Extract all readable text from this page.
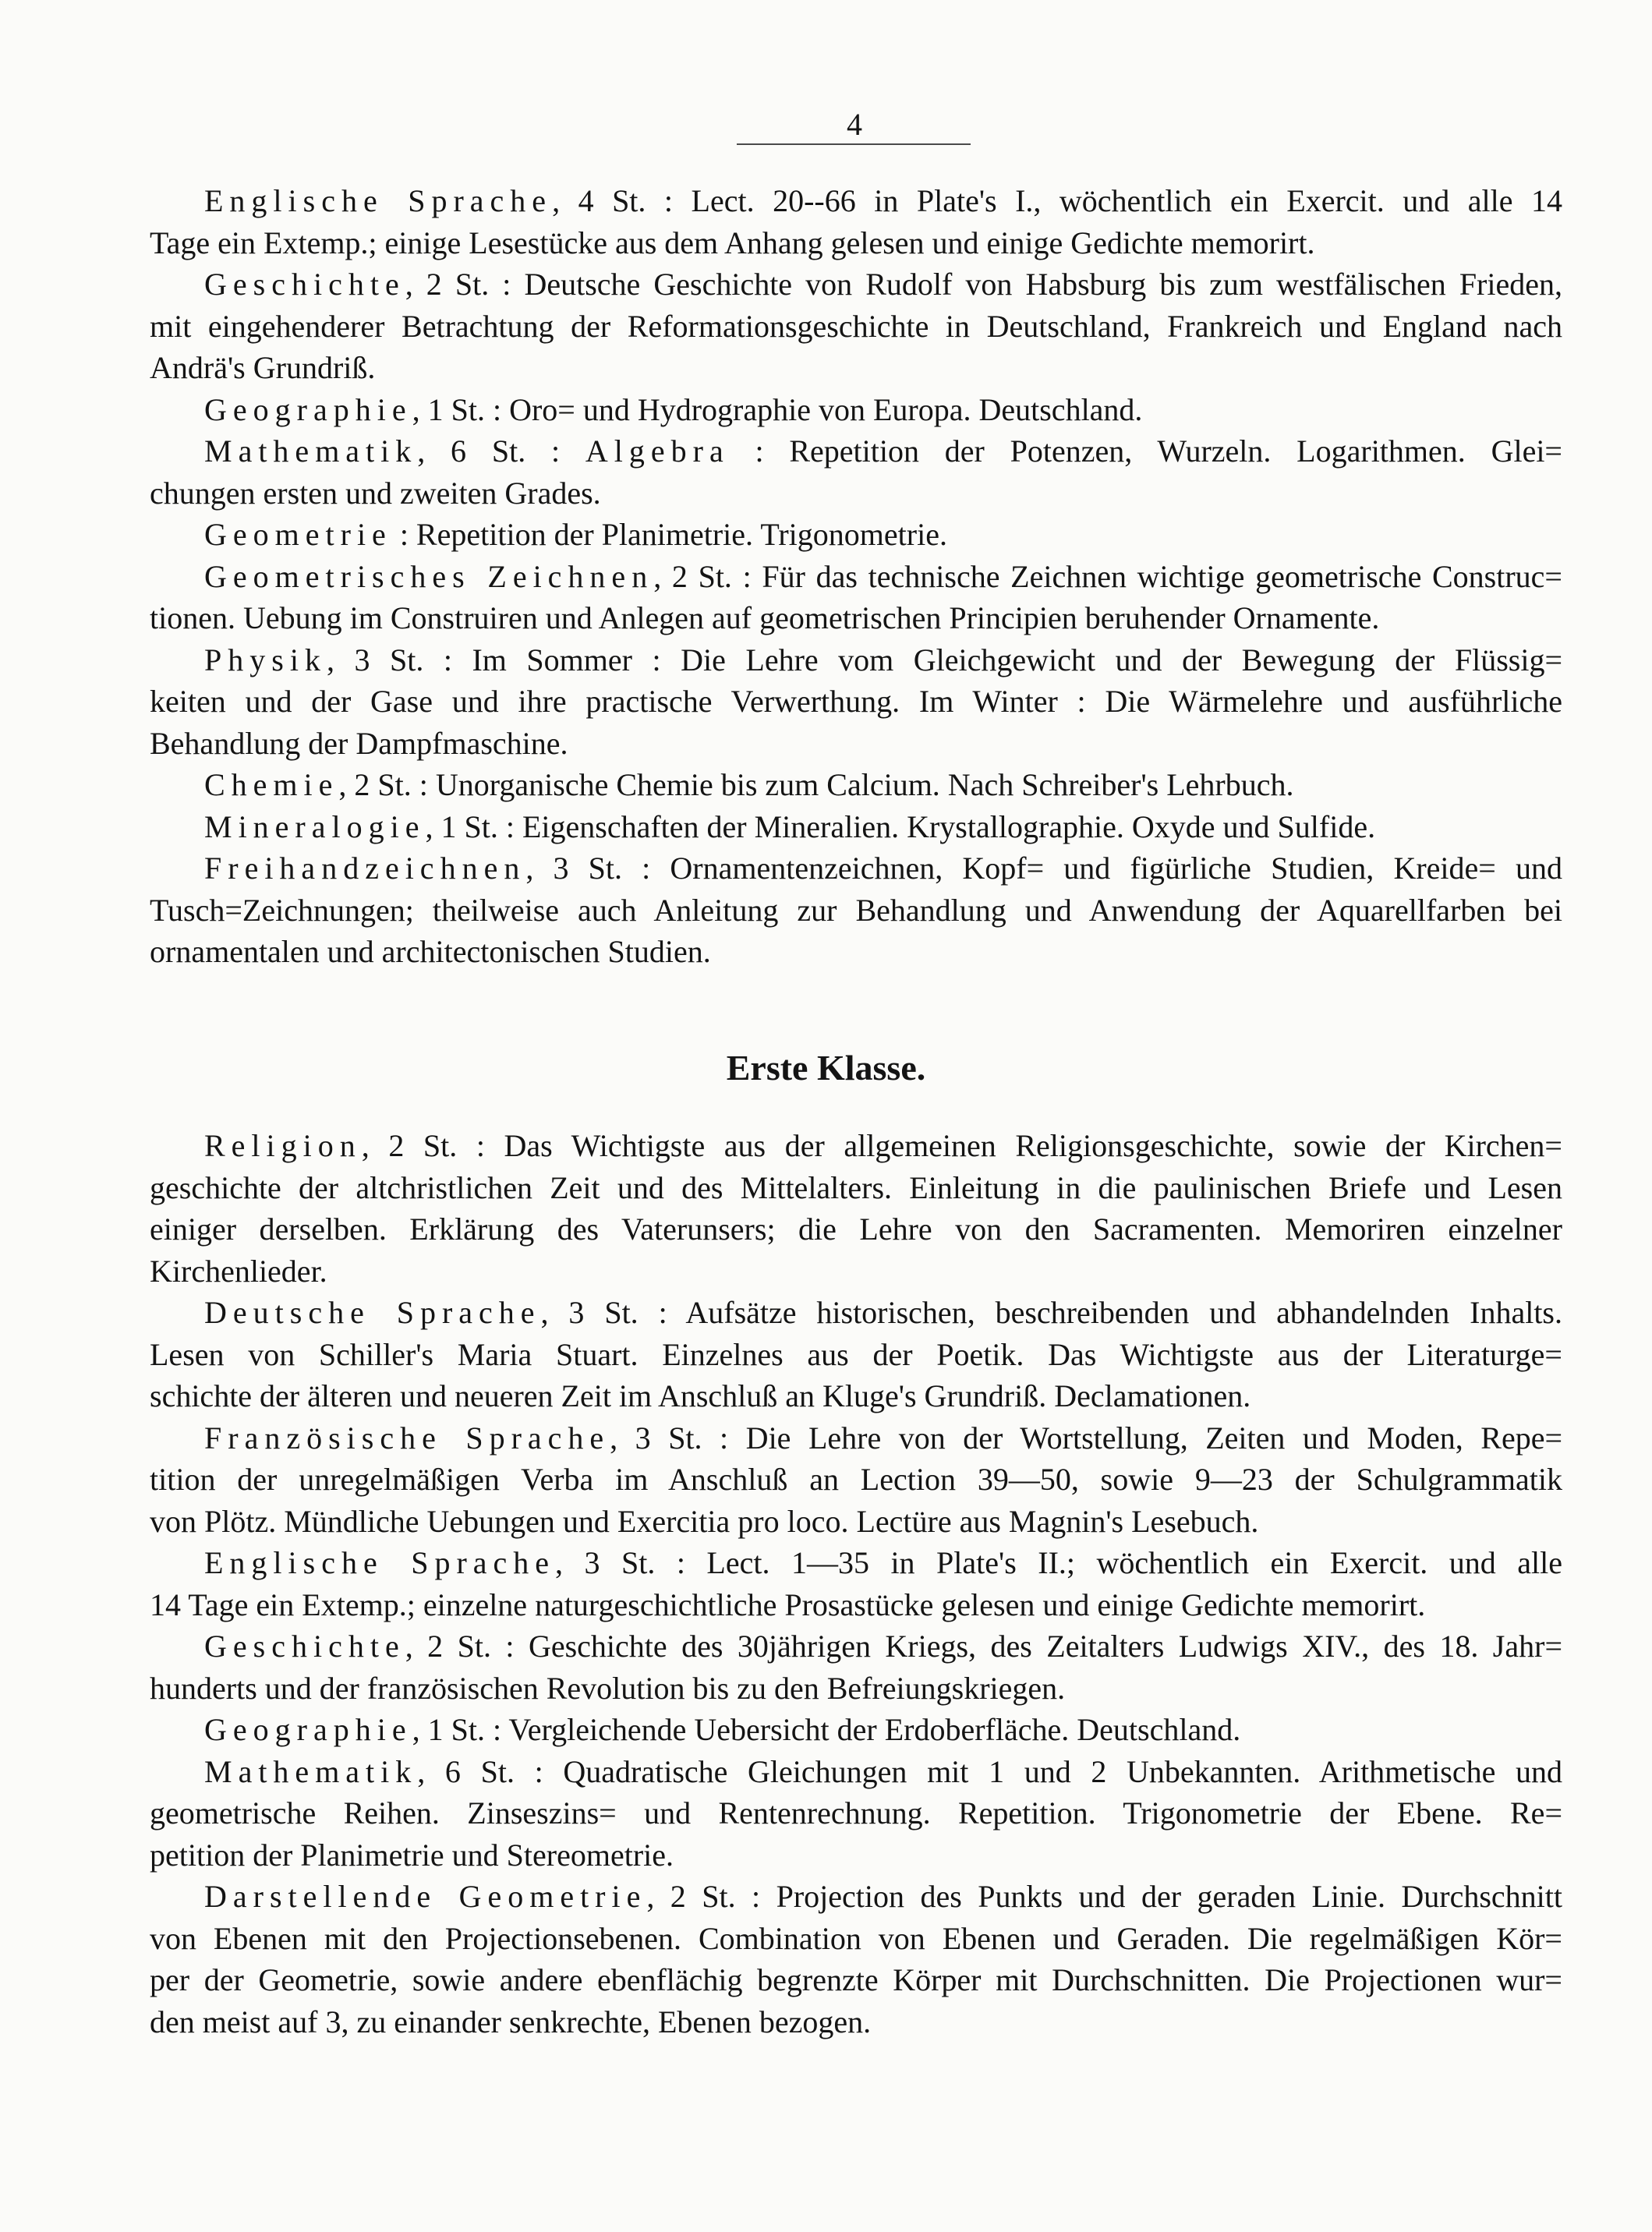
4
Englische Sprache, 4 St. : Lect. 20--66 in Plate's I., wöchentlich ein Exercit. und alle 14
Tage ein Extemp.; einige Lesestücke aus dem Anhang gelesen und einige Gedichte memorirt.
Geschichte, 2 St. : Deutsche Geschichte von Rudolf von Habsburg bis zum westfälischen Frieden,
mit eingehenderer Betrachtung der Reformationsgeschichte in Deutschland, Frankreich und England nach
Andrä's Grundriß.
Geographie, 1 St. : Oro= und Hydrographie von Europa. Deutschland.
Mathematik, 6 St. : Algebra : Repetition der Potenzen, Wurzeln. Logarithmen. Glei=
chungen ersten und zweiten Grades.
Geometrie : Repetition der Planimetrie. Trigonometrie.
Geometrisches Zeichnen, 2 St. : Für das technische Zeichnen wichtige geometrische Construc=
tionen. Uebung im Construiren und Anlegen auf geometrischen Principien beruhender Ornamente.
Physik, 3 St. : Im Sommer : Die Lehre vom Gleichgewicht und der Bewegung der Flüssig=
keiten und der Gase und ihre practische Verwerthung. Im Winter : Die Wärmelehre und ausführliche
Behandlung der Dampfmaschine.
Chemie, 2 St. : Unorganische Chemie bis zum Calcium. Nach Schreiber's Lehrbuch.
Mineralogie, 1 St. : Eigenschaften der Mineralien. Krystallographie. Oxyde und Sulfide.
Freihandzeichnen, 3 St. : Ornamentenzeichnen, Kopf= und figürliche Studien, Kreide= und
Tusch=Zeichnungen; theilweise auch Anleitung zur Behandlung und Anwendung der Aquarellfarben bei
ornamentalen und architectonischen Studien.
Erste Klasse.
Religion, 2 St. : Das Wichtigste aus der allgemeinen Religionsgeschichte, sowie der Kirchen=
geschichte der altchristlichen Zeit und des Mittelalters. Einleitung in die paulinischen Briefe und Lesen
einiger derselben. Erklärung des Vaterunsers; die Lehre von den Sacramenten. Memoriren einzelner
Kirchenlieder.
Deutsche Sprache, 3 St. : Aufsätze historischen, beschreibenden und abhandelnden Inhalts.
Lesen von Schiller's Maria Stuart. Einzelnes aus der Poetik. Das Wichtigste aus der Literaturge=
schichte der älteren und neueren Zeit im Anschluß an Kluge's Grundriß. Declamationen.
Französische Sprache, 3 St. : Die Lehre von der Wortstellung, Zeiten und Moden, Repe=
tition der unregelmäßigen Verba im Anschluß an Lection 39—50, sowie 9—23 der Schulgrammatik
von Plötz. Mündliche Uebungen und Exercitia pro loco. Lectüre aus Magnin's Lesebuch.
Englische Sprache, 3 St. : Lect. 1—35 in Plate's II.; wöchentlich ein Exercit. und alle
14 Tage ein Extemp.; einzelne naturgeschichtliche Prosastücke gelesen und einige Gedichte memorirt.
Geschichte, 2 St. : Geschichte des 30jährigen Kriegs, des Zeitalters Ludwigs XIV., des 18. Jahr=
hunderts und der französischen Revolution bis zu den Befreiungskriegen.
Geographie, 1 St. : Vergleichende Uebersicht der Erdoberfläche. Deutschland.
Mathematik, 6 St. : Quadratische Gleichungen mit 1 und 2 Unbekannten. Arithmetische und
geometrische Reihen. Zinseszins= und Rentenrechnung. Repetition. Trigonometrie der Ebene. Re=
petition der Planimetrie und Stereometrie.
Darstellende Geometrie, 2 St. : Projection des Punkts und der geraden Linie. Durchschnitt
von Ebenen mit den Projectionsebenen. Combination von Ebenen und Geraden. Die regelmäßigen Kör=
per der Geometrie, sowie andere ebenflächig begrenzte Körper mit Durchschnitten. Die Projectionen wur=
den meist auf 3, zu einander senkrechte, Ebenen bezogen.
